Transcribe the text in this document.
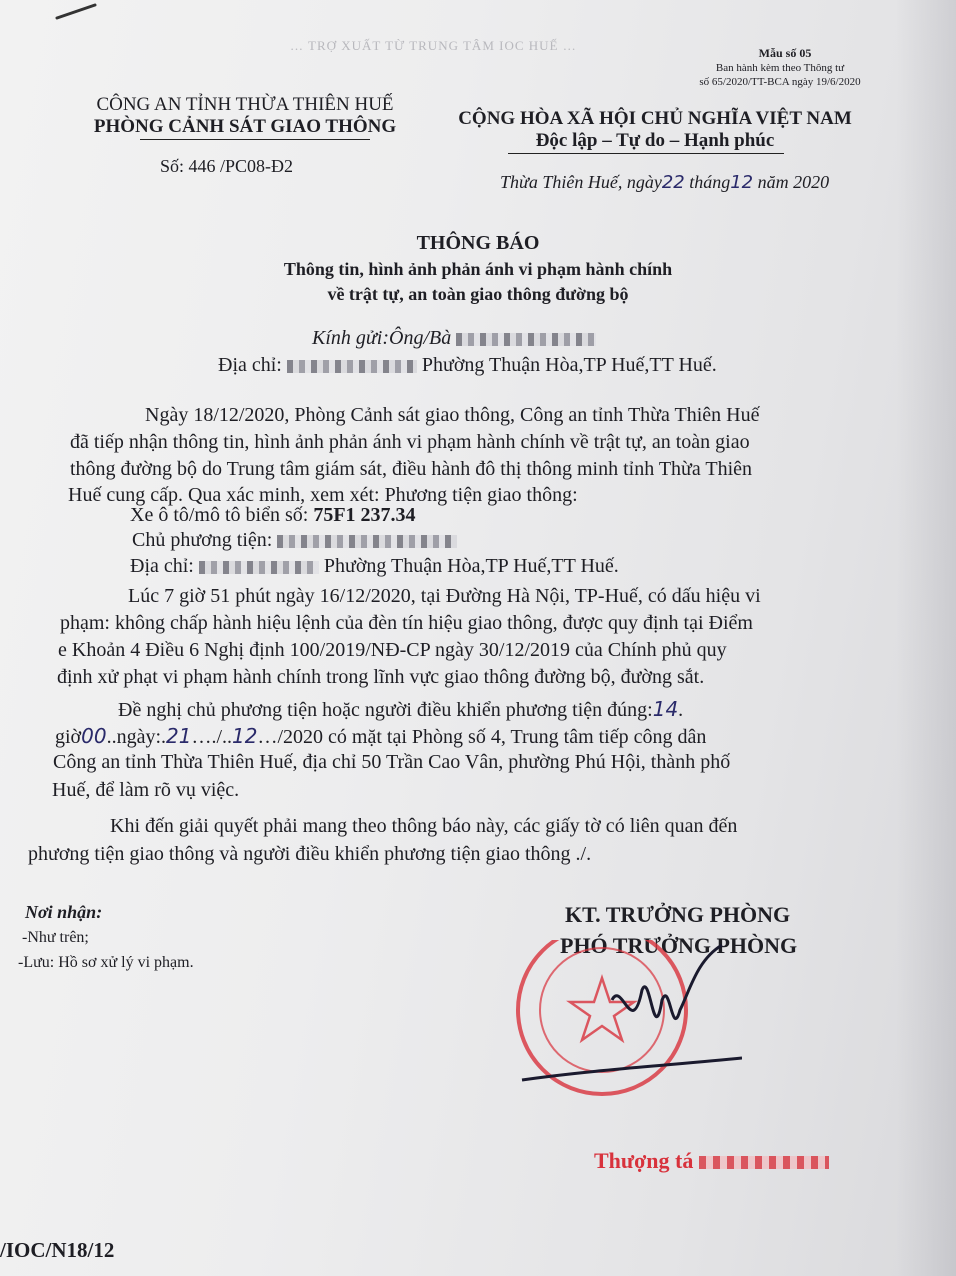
… TRỢ XUẤT TỪ TRUNG TÂM IOC HUẾ …	Mẫu số 05
Ban hành kèm theo Thông tư
số 65/2020/TT-BCA ngày 19/6/2020
CÔNG AN TỈNH THỪA THIÊN HUẾ
PHÒNG CẢNH SÁT GIAO THÔNG
Số: 446 /PC08-Đ2
CỘNG HÒA XÃ HỘI CHỦ NGHĨA VIỆT NAM
Độc lập – Tự do – Hạnh phúc
Thừa Thiên Huế, ngày22 tháng12 năm 2020
THÔNG BÁO
Thông tin, hình ảnh phản ánh vi phạm hành chính
về trật tự, an toàn giao thông đường bộ
Kính gửi:Ông/Bà
Địa chỉ:	Phường Thuận Hòa,TP Huế,TT Huế.
Ngày 18/12/2020, Phòng Cảnh sát giao thông, Công an tỉnh Thừa Thiên Huế
đã tiếp nhận thông tin, hình ảnh phản ánh vi phạm hành chính về trật tự, an toàn giao
thông đường bộ do Trung tâm giám sát, điều hành đô thị thông minh tỉnh Thừa Thiên
Huế cung cấp. Qua xác minh, xem xét: Phương tiện giao thông:
Xe ô tô/mô tô biển số: 75F1 237.34
Chủ phương tiện:
Địa chỉ:	Phường Thuận Hòa,TP Huế,TT Huế.
Lúc 7 giờ 51 phút ngày 16/12/2020, tại Đường Hà Nội, TP-Huế, có dấu hiệu vi
phạm: không chấp hành hiệu lệnh của đèn tín hiệu giao thông, được quy định tại Điểm
e Khoản 4 Điều 6 Nghị định 100/2019/NĐ-CP ngày 30/12/2019 của Chính phủ quy
định xử phạt vi phạm hành chính trong lĩnh vực giao thông đường bộ, đường sắt.
Đề nghị chủ phương tiện hoặc người điều khiển phương tiện đúng:14.
giờ00..ngày:.21…./..12…/2020 có mặt tại Phòng số 4, Trung tâm tiếp công dân
Công an tỉnh Thừa Thiên Huế, địa chỉ 50 Trần Cao Vân, phường Phú Hội, thành phố
Huế, để làm rõ vụ việc.
Khi đến giải quyết phải mang theo thông báo này, các giấy tờ có liên quan đến
phương tiện giao thông và người điều khiển phương tiện giao thông ./.
Nơi nhận:
-Như trên;
-Lưu: Hồ sơ xử lý vi phạm.
KT. TRƯỞNG PHÒNG
PHÓ TRƯỞNG PHÒNG
Thượng tá
/IOC/N18/12
